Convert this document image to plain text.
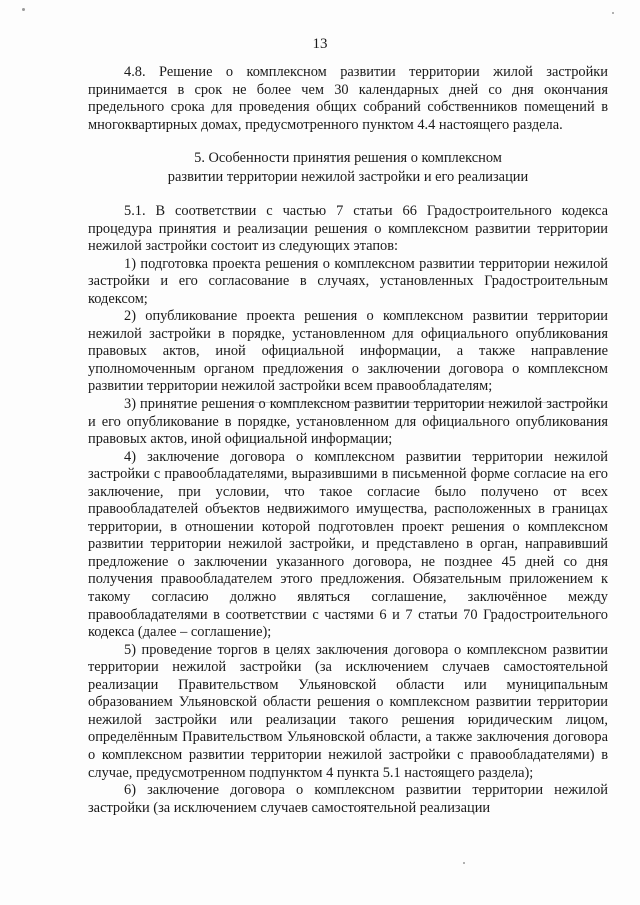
13
4.8. Решение о комплексном развитии территории жилой застройки принимается в срок не более чем 30 календарных дней со дня окончания предельного срока для проведения общих собраний собственников помещений в многоквартирных домах, предусмотренного пунктом 4.4 настоящего раздела.
5. Особенности принятия решения о комплексном
развитии территории нежилой застройки и его реализации

5.1. В соответствии с частью 7 статьи 66 Градостроительного кодекса процедура принятия и реализации решения о комплексном развитии территории нежилой застройки состоит из следующих этапов:

1) подготовка проекта решения о комплексном развитии территории нежилой застройки и его согласование в случаях, установленных Градостроительным кодексом;

2) опубликование проекта решения о комплексном развитии территории нежилой застройки в порядке, установленном для официального опубликования правовых актов, иной официальной информации, а также направление уполномоченным органом предложения о заключении договора о комплексном развитии территории нежилой застройки всем правообладателям;

3) принятие решения о комплексном развитии территории нежилой застройки и его опубликование в порядке, установленном для официального опубликования правовых актов, иной официальной информации;

4) заключение договора о комплексном развитии территории нежилой застройки с правообладателями, выразившими в письменной форме согласие на его заключение, при условии, что такое согласие было получено от всех правообладателей объектов недвижимого имущества, расположенных в границах территории, в отношении которой подготовлен проект решения о комплексном развитии территории нежилой застройки, и представлено в орган, направивший предложение о заключении указанного договора, не позднее 45 дней со дня получения правообладателем этого предложения. Обязательным приложением к такому согласию должно являться соглашение, заключённое между правообладателями в соответствии с частями 6 и 7 статьи 70 Градостроительного кодекса (далее – соглашение);

5) проведение торгов в целях заключения договора о комплексном развитии территории нежилой застройки (за исключением случаев самостоятельной реализации Правительством Ульяновской области или муниципальным образованием Ульяновской области решения о комплексном развитии территории нежилой застройки или реализации такого решения юридическим лицом, определённым Правительством Ульяновской области, а также заключения договора о комплексном развитии территории нежилой застройки с правообладателями) в случае, предусмотренном подпунктом 4 пункта 5.1 настоящего раздела);

6) заключение договора о комплексном развитии территории нежилой застройки (за исключением случаев самостоятельной реализации
